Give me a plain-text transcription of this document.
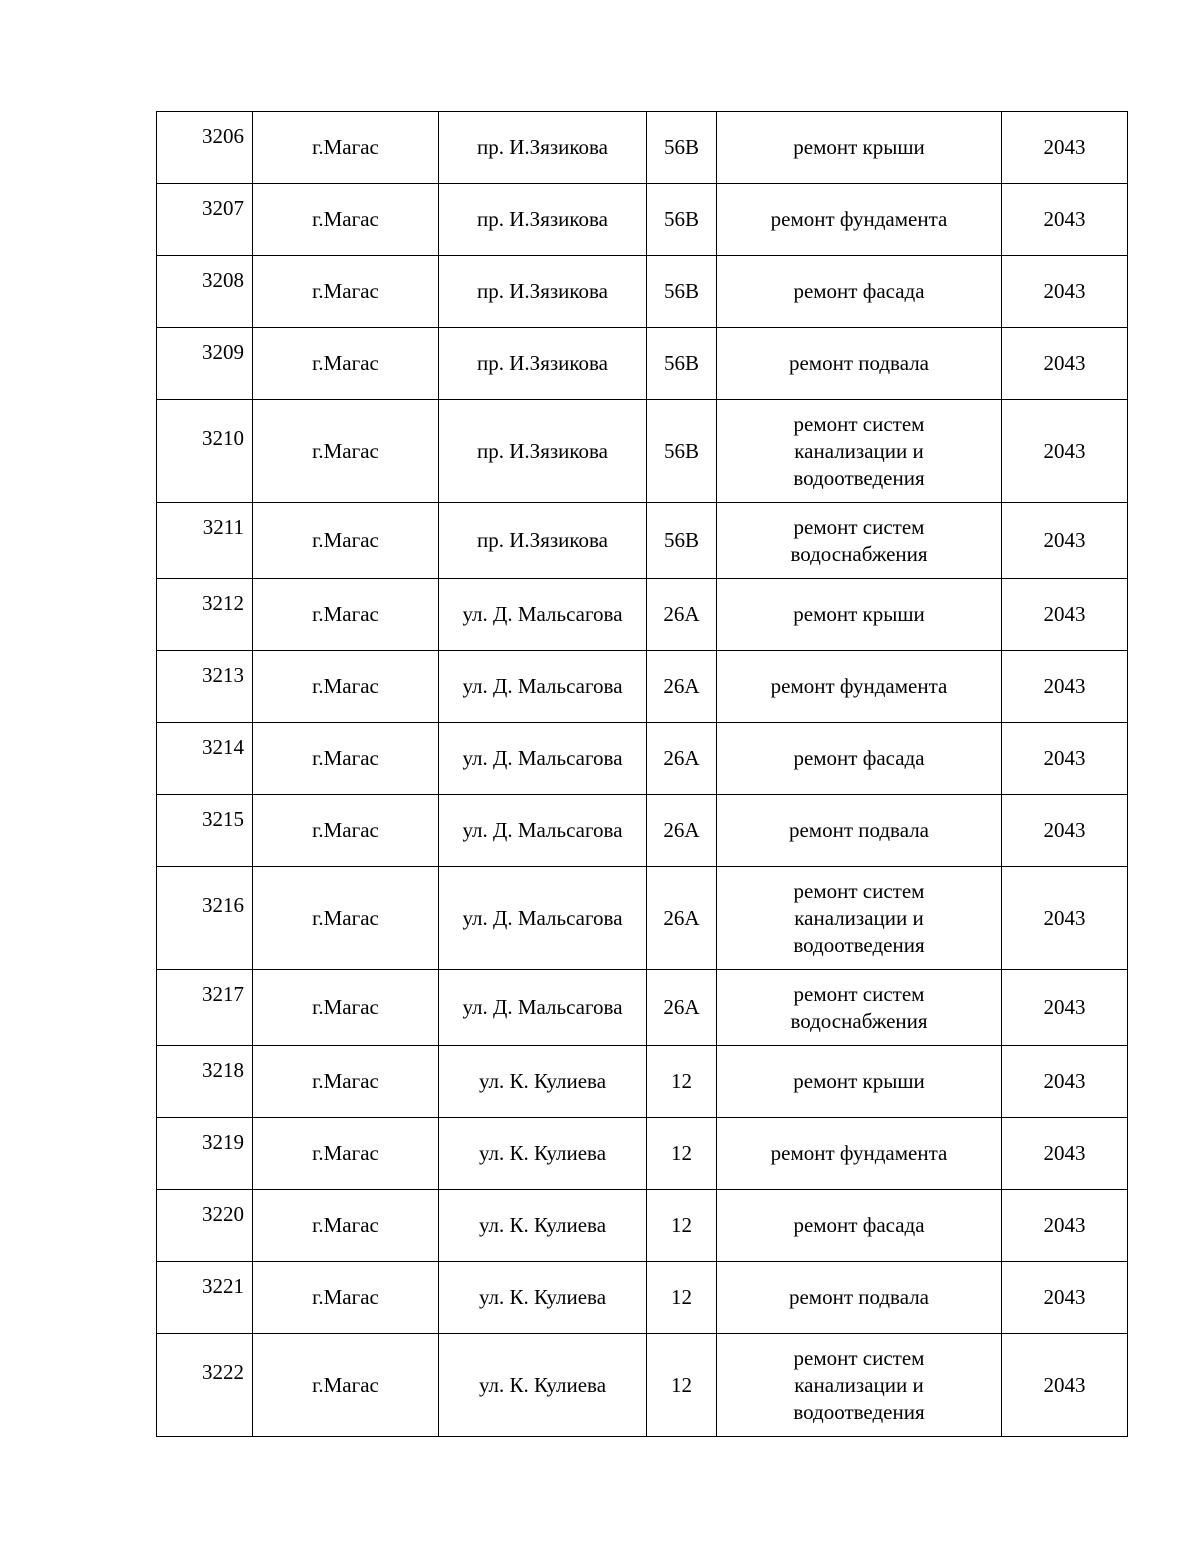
3206	г.Магас	пр. И.Зязикова	56В	ремонт крыши	2043
3207	г.Магас	пр. И.Зязикова	56В	ремонт фундамента	2043
3208	г.Магас	пр. И.Зязикова	56В	ремонт фасада	2043
3209	г.Магас	пр. И.Зязикова	56В	ремонт подвала	2043
3210	г.Магас	пр. И.Зязикова	56В	ремонт систем
канализации и
водоотведения	2043
3211	г.Магас	пр. И.Зязикова	56В	ремонт систем
водоснабжения	2043
3212	г.Магас	ул. Д. Мальсагова	26А	ремонт крыши	2043
3213	г.Магас	ул. Д. Мальсагова	26А	ремонт фундамента	2043
3214	г.Магас	ул. Д. Мальсагова	26А	ремонт фасада	2043
3215	г.Магас	ул. Д. Мальсагова	26А	ремонт подвала	2043
3216	г.Магас	ул. Д. Мальсагова	26А	ремонт систем
канализации и
водоотведения	2043
3217	г.Магас	ул. Д. Мальсагова	26А	ремонт систем
водоснабжения	2043
3218	г.Магас	ул. К. Кулиева	12	ремонт крыши	2043
3219	г.Магас	ул. К. Кулиева	12	ремонт фундамента	2043
3220	г.Магас	ул. К. Кулиева	12	ремонт фасада	2043
3221	г.Магас	ул. К. Кулиева	12	ремонт подвала	2043
3222	г.Магас	ул. К. Кулиева	12	ремонт систем
канализации и
водоотведения	2043
